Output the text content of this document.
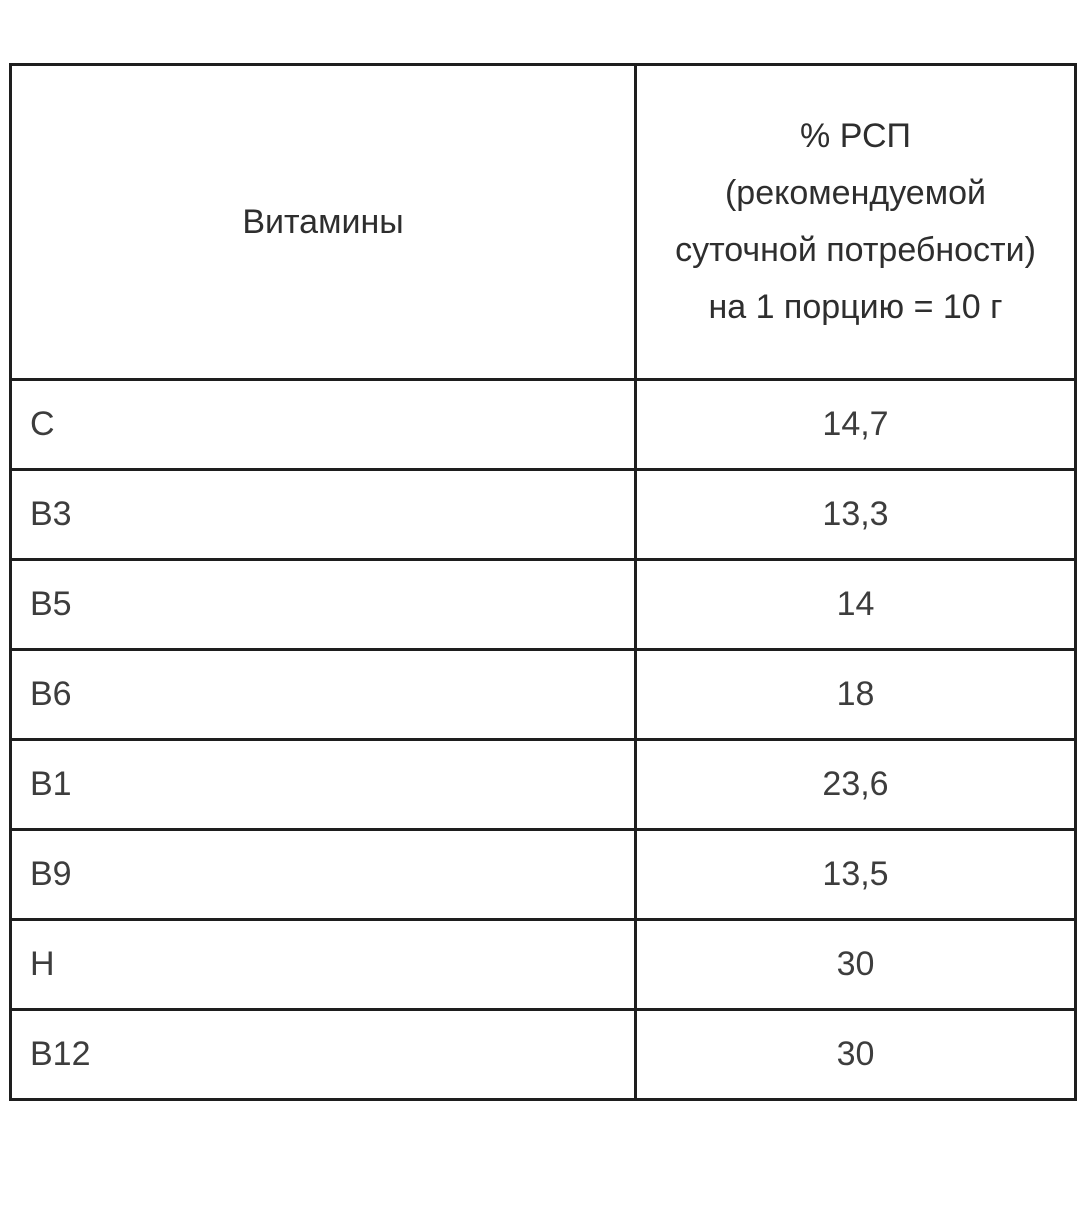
Витамины	% РСП (рекомендуемой суточной потребности) на 1 порцию = 10 г
C	14,7
B3	13,3
B5	14
B6	18
B1	23,6
B9	13,5
H	30
B12	30
